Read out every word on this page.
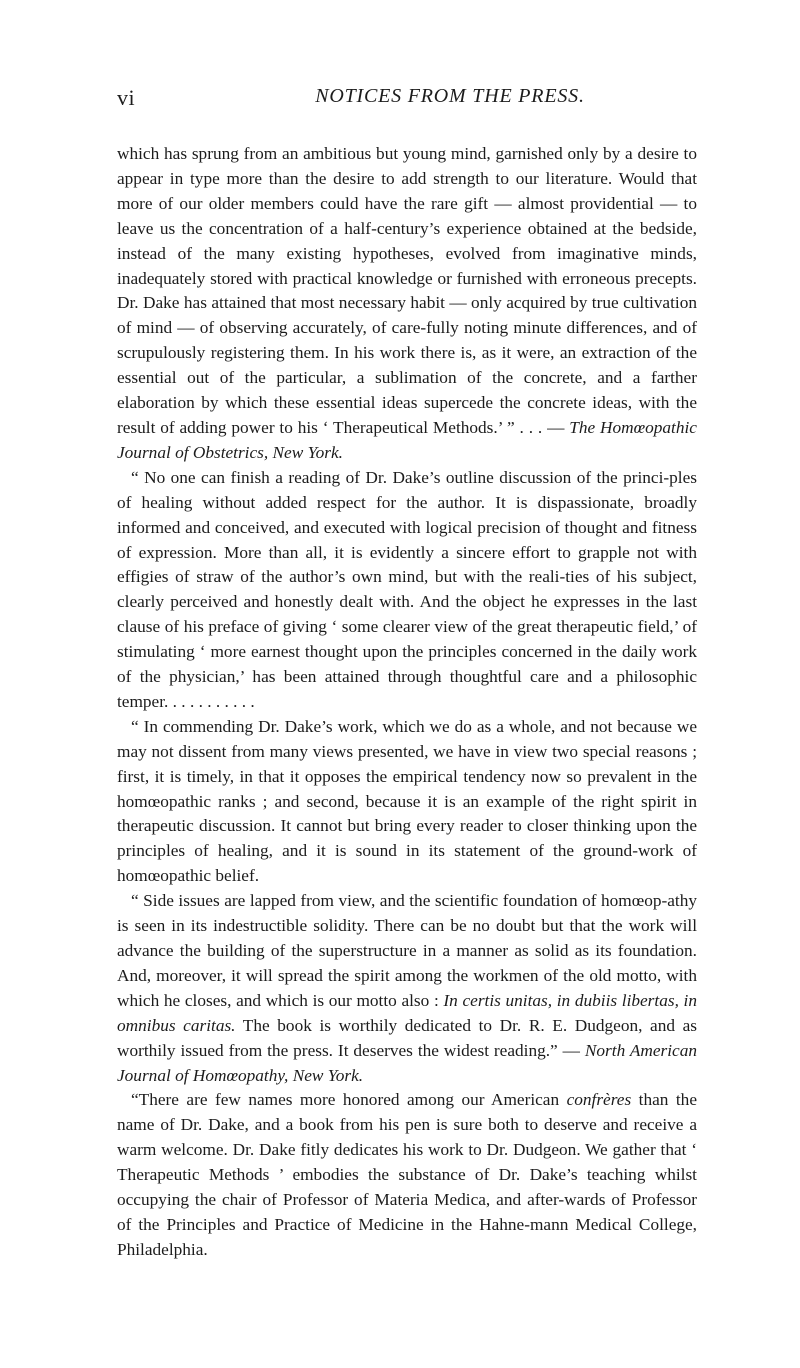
vi	NOTICES FROM THE PRESS.

which has sprung from an ambitious but young mind, garnished only by a desire to appear in type more than the desire to add strength to our literature. Would that more of our older members could have the rare gift — almost providential — to leave us the concentration of a half-century’s experience obtained at the bedside, instead of the many existing hypotheses, evolved from imaginative minds, inadequately stored with practical knowledge or furnished with erroneous precepts. Dr. Dake has attained that most necessary habit — only acquired by true cultivation of mind — of observing accurately, of care-fully noting minute differences, and of scrupulously registering them. In his work there is, as it were, an extraction of the essential out of the particular, a sublimation of the concrete, and a farther elaboration by which these essential ideas supercede the concrete ideas, with the result of adding power to his ‘ Therapeutical Methods.’ ” . . . — The Homœopathic Journal of Obstetrics, New York.

“ No one can finish a reading of Dr. Dake’s outline discussion of the princi-ples of healing without added respect for the author. It is dispassionate, broadly informed and conceived, and executed with logical precision of thought and fitness of expression. More than all, it is evidently a sincere effort to grapple not with effigies of straw of the author’s own mind, but with the reali-ties of his subject, clearly perceived and honestly dealt with. And the object he expresses in the last clause of his preface of giving ‘ some clearer view of the great therapeutic field,’ of stimulating ‘ more earnest thought upon the principles concerned in the daily work of the physician,’ has been attained through thoughtful care and a philosophic temper. . . . . . . . . . .

“ In commending Dr. Dake’s work, which we do as a whole, and not because we may not dissent from many views presented, we have in view two special reasons ; first, it is timely, in that it opposes the empirical tendency now so prevalent in the homœopathic ranks ; and second, because it is an example of the right spirit in therapeutic discussion. It cannot but bring every reader to closer thinking upon the principles of healing, and it is sound in its statement of the ground-work of homœopathic belief.

“ Side issues are lapped from view, and the scientific foundation of homœop-athy is seen in its indestructible solidity. There can be no doubt but that the work will advance the building of the superstructure in a manner as solid as its foundation. And, moreover, it will spread the spirit among the workmen of the old motto, with which he closes, and which is our motto also : In certis unitas, in dubiis libertas, in omnibus caritas. The book is worthily dedicated to Dr. R. E. Dudgeon, and as worthily issued from the press. It deserves the widest reading.” — North American Journal of Homœopathy, New York.

“There are few names more honored among our American confrères than the name of Dr. Dake, and a book from his pen is sure both to deserve and receive a warm welcome. Dr. Dake fitly dedicates his work to Dr. Dudgeon. We gather that ‘ Therapeutic Methods ’ embodies the substance of Dr. Dake’s teaching whilst occupying the chair of Professor of Materia Medica, and after-wards of Professor of the Principles and Practice of Medicine in the Hahne-mann Medical College, Philadelphia.
